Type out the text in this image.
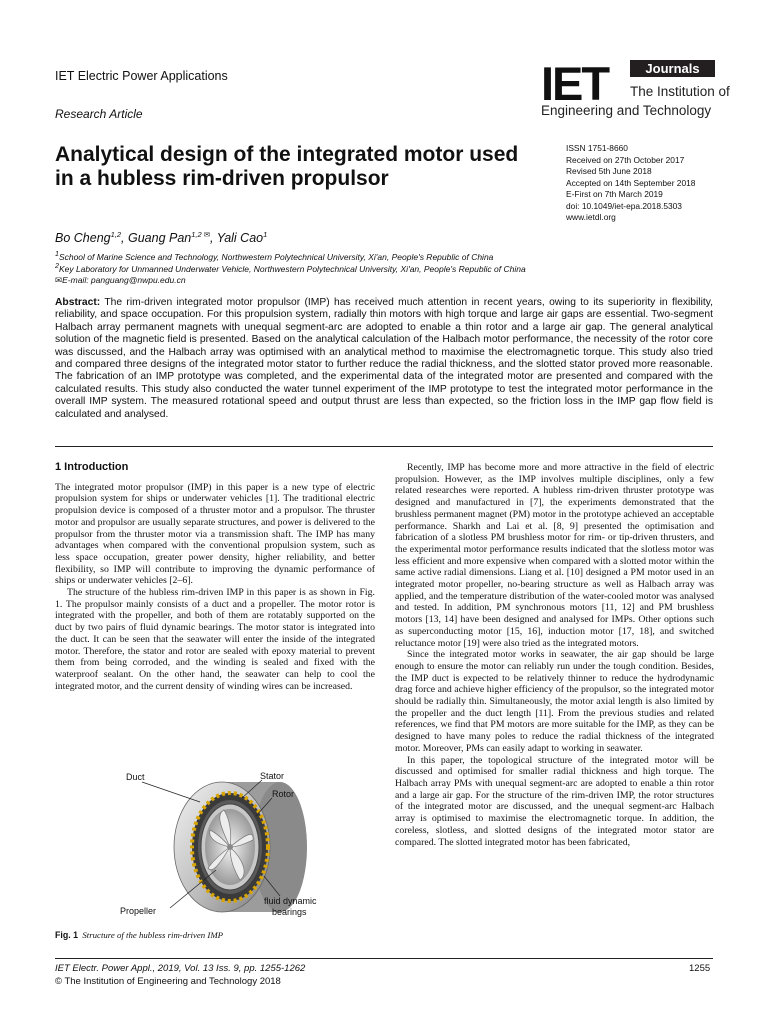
IET Electric Power Applications
Research Article
IET	Journals
The Institution of
Engineering and Technology
Analytical design of the integrated motor used in a hubless rim-driven propulsor
ISSN 1751-8660
Received on 27th October 2017
Revised 5th June 2018
Accepted on 14th September 2018
E-First on 7th March 2019
doi: 10.1049/iet-epa.2018.5303
www.ietdl.org
Bo Cheng$^{1,2}$, Guang Pan$^{1,2 ✉}$, Yali Cao$^1$
$^1$School of Marine Science and Technology, Northwestern Polytechnical University, Xi'an, People's Republic of China
$^2$Key Laboratory for Unmanned Underwater Vehicle, Northwestern Polytechnical University, Xi'an, People's Republic of China
✉E-mail: panguang@nwpu.edu.cn
Abstract: The rim-driven integrated motor propulsor (IMP) has received much attention in recent years, owing to its superiority in flexibility, reliability, and space occupation. For this propulsion system, radially thin motors with high torque and large air gaps are essential. Two-segment Halbach array permanent magnets with unequal segment-arc are adopted to enable a thin rotor and a large air gap. The general analytical solution of the magnetic field is presented. Based on the analytical calculation of the Halbach motor performance, the necessity of the rotor core was discussed, and the Halbach array was optimised with an analytical method to maximise the electromagnetic torque. This study also tried and compared three designs of the integrated motor stator to further reduce the radial thickness, and the slotted stator proved more reasonable. The fabrication of an IMP prototype was completed, and the experimental data of the integrated motor are presented and compared with the calculated results. This study also conducted the water tunnel experiment of the IMP prototype to test the integrated motor performance in the overall IMP system. The measured rotational speed and output thrust are less than expected, so the friction loss in the IMP gap flow field is calculated and analysed.

1 Introduction

The integrated motor propulsor (IMP) in this paper is a new type of electric propulsion system for ships or underwater vehicles [1]. The traditional electric propulsion device is composed of a thruster motor and a propulsor. The thruster motor and propulsor are usually separate structures, and power is delivered to the propulsor from the thruster motor via a transmission shaft. The IMP has many advantages when compared with the conventional propulsion system, such as less space occupation, greater power density, higher reliability, and better flexibility, so IMP will contribute to improving the dynamic performance of ships or underwater vehicles [2–6].

The structure of the hubless rim-driven IMP in this paper is as shown in Fig. 1. The propulsor mainly consists of a duct and a propeller. The motor rotor is integrated with the propeller, and both of them are rotatably supported on the duct by two pairs of fluid dynamic bearings. The motor stator is integrated into the duct. It can be seen that the seawater will enter the inside of the integrated motor. Therefore, the stator and rotor are sealed with epoxy material to prevent them from being corroded, and the winding is sealed and fixed with the waterproof sealant. On the other hand, the seawater can help to cool the integrated motor, and the current density of winding wires can be increased.

Recently, IMP has become more and more attractive in the field of electric propulsion. However, as the IMP involves multiple disciplines, only a few related researches were reported. A hubless rim-driven thruster prototype was designed and manufactured in [7], the experiments demonstrated that the brushless permanent magnet (PM) motor in the prototype achieved an acceptable performance. Sharkh and Lai et al. [8, 9] presented the optimisation and fabrication of a slotless PM brushless motor for rim- or tip-driven thrusters, and the experimental motor performance results indicated that the slotless motor was less efficient and more expensive when compared with a slotted motor within the same active radial dimensions. Liang et al. [10] designed a PM motor used in an integrated motor propeller, no-bearing structure as well as Halbach array was applied, and the temperature distribution of the water-cooled motor was analysed and tested. In addition, PM synchronous motors [11, 12] and PM brushless motors [13, 14] have been designed and analysed for IMPs. Other options such as superconducting motor [15, 16], induction motor [17, 18], and switched reluctance motor [19] were also tried as the integrated motors.

Since the integrated motor works in seawater, the air gap should be large enough to ensure the motor can reliably run under the tough condition. Besides, the IMP duct is expected to be relatively thinner to reduce the hydrodynamic drag force and achieve higher efficiency of the propulsor, so the integrated motor should be radially thin. Simultaneously, the motor axial length is also limited by the propeller and the duct length [11]. From the previous studies and related references, we find that PM motors are more suitable for the IMP, as they can be designed to have many poles to reduce the radial thickness of the integrated motor. Moreover, PMs can easily adapt to working in seawater.

In this paper, the topological structure of the integrated motor will be discussed and optimised for smaller radial thickness and high torque. The Halbach array PMs with unequal segment-arc are adopted to enable a thin rotor and a large air gap. For the structure of the rim-driven IMP, the rotor structures of the integrated motor are discussed, and the unequal segment-arc Halbach array is optimised to maximise the electromagnetic torque. In addition, the coreless, slotless, and slotted designs of the integrated motor stator are compared. The slotted integrated motor has been fabricated,

Duct	Stator
Rotor
Propeller
fluid dynamic
bearings
Fig. 1 Structure of the hubless rim-driven IMP
IET Electr. Power Appl., 2019, Vol. 13 Iss. 9, pp. 1255-1262
© The Institution of Engineering and Technology 2018
1255
